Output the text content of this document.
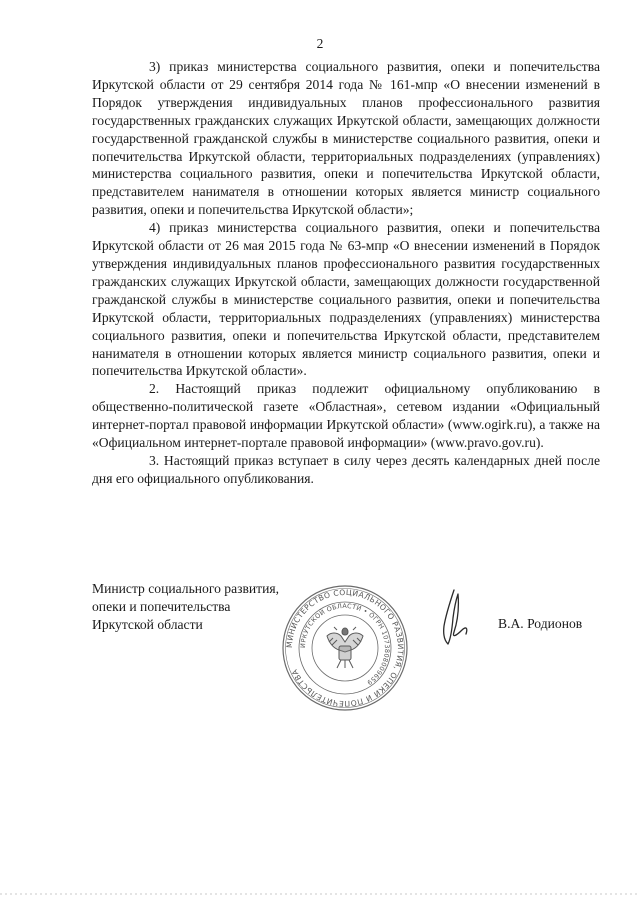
2

3) приказ министерства социального развития, опеки и попечительства Иркутской области от 29 сентября 2014 года № 161-мпр «О внесении изменений в Порядок утверждения индивидуальных планов профессионального развития государственных гражданских служащих Иркутской области, замещающих должности государственной гражданской службы в министерстве социального развития, опеки и попечительства Иркутской области, территориальных подразделениях (управлениях) министерства социального развития, опеки и попечительства Иркутской области, представителем нанимателя в отношении которых является министр социального развития, опеки и попечительства Иркутской области»;

4) приказ министерства социального развития, опеки и попечительства Иркутской области от 26 мая 2015 года № 63-мпр «О внесении изменений в Порядок утверждения индивидуальных планов профессионального развития государственных гражданских служащих Иркутской области, замещающих должности государственной гражданской службы в министерстве социального развития, опеки и попечительства Иркутской области, территориальных подразделениях (управлениях) министерства социального развития, опеки и попечительства Иркутской области, представителем нанимателя в отношении которых является министр социального развития, опеки и попечительства Иркутской области».

2. Настоящий приказ подлежит официальному опубликованию в общественно-политической газете «Областная», сетевом издании «Официальный интернет-портал правовой информации Иркутской области» (www.ogirk.ru), а также на «Официальном интернет-портале правовой информации» (www.pravo.gov.ru).

3. Настоящий приказ вступает в силу через десять календарных дней после дня его официального опубликования.

Министр социального развития,
опеки и попечительства
Иркутской области	В.А. Родионов
МИНИСТЕРСТВО СОЦИАЛЬНОГО РАЗВИТИЯ, ОПЕКИ И ПОПЕЧИТЕЛЬСТВА
ИРКУТСКОЙ ОБЛАСТИ • ОГРН 1073808009659
